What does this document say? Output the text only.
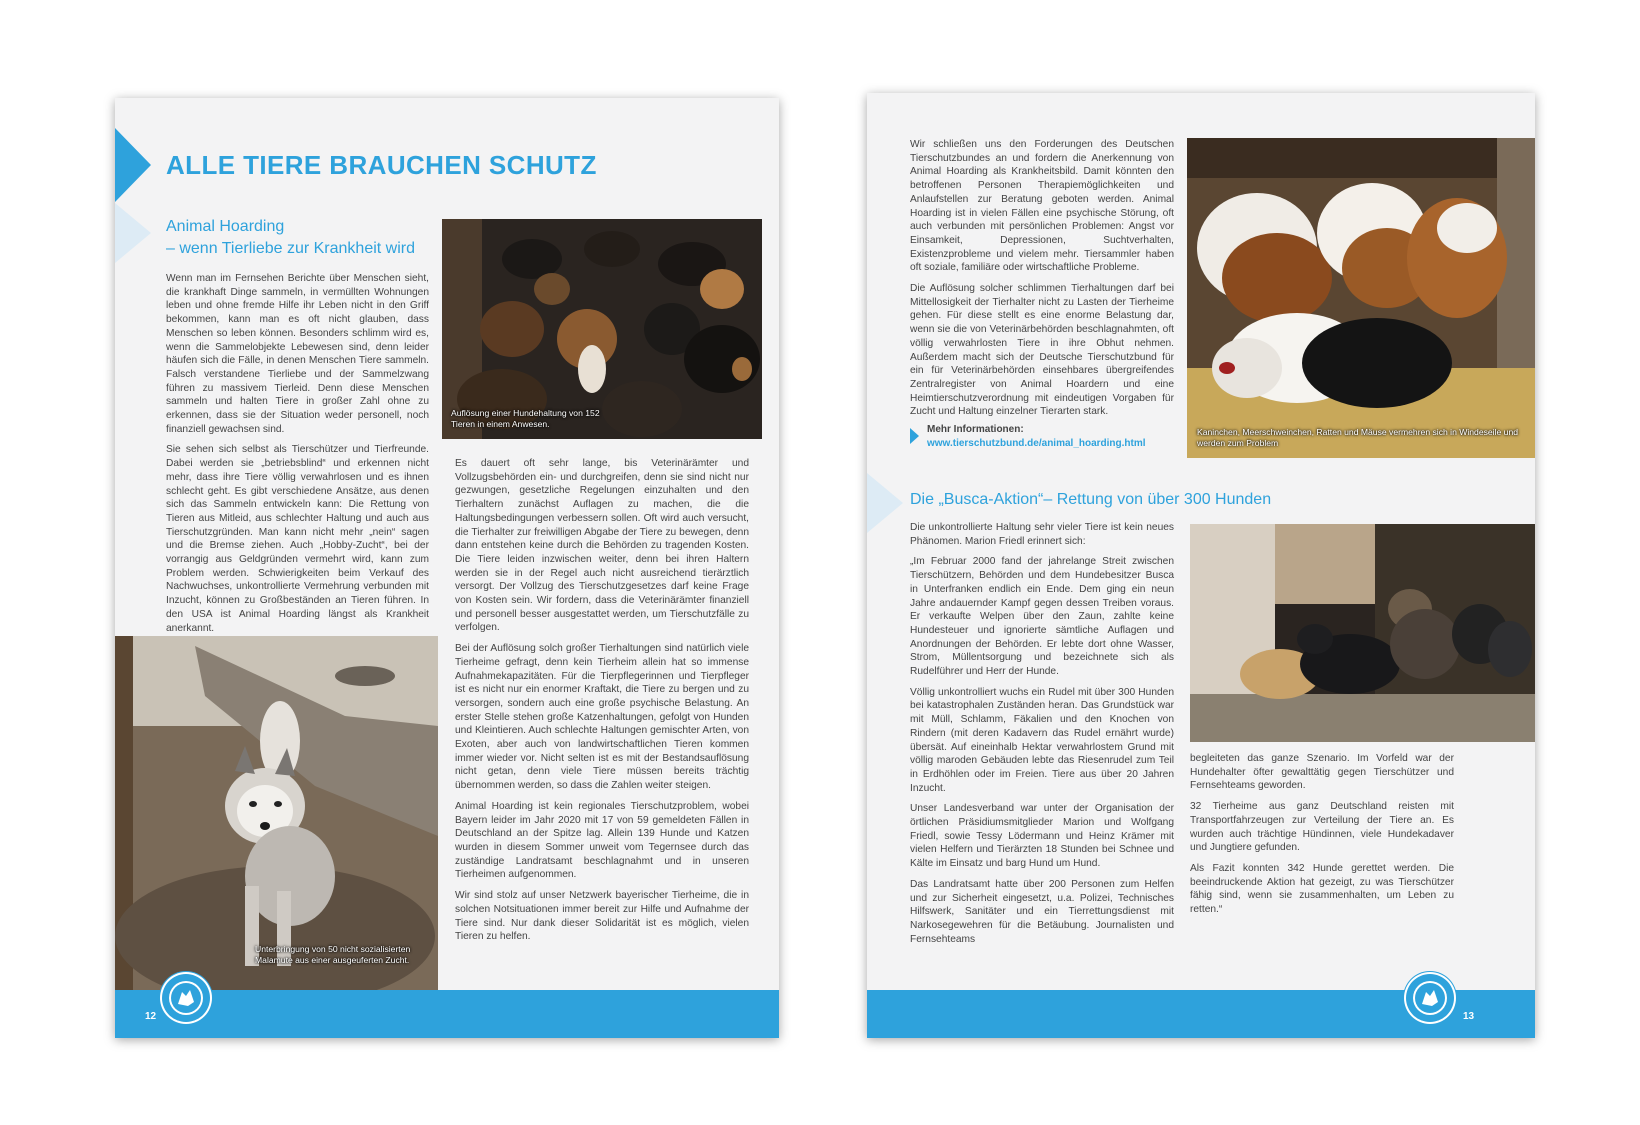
ALLE TIERE BRAUCHEN SCHUTZ
Animal Hoarding
– wenn Tierliebe zur Krankheit wird

Wenn man im Fernsehen Berichte über Menschen sieht, die krankhaft Dinge sammeln, in vermüllten Wohnungen leben und ohne fremde Hilfe ihr Leben nicht in den Griff bekommen, kann man es oft nicht glauben, dass Menschen so leben können. Besonders schlimm wird es, wenn die Sammelobjekte Lebewesen sind, denn leider häufen sich die Fälle, in denen Menschen Tiere sammeln. Falsch verstandene Tierliebe und der Sammelzwang führen zu massivem Tierleid. Denn diese Menschen sammeln und halten Tiere in großer Zahl ohne zu erkennen, dass sie der Situation weder personell, noch finanziell gewachsen sind.

Sie sehen sich selbst als Tierschützer und Tierfreunde. Dabei werden sie „betriebsblind“ und erkennen nicht mehr, dass ihre Tiere völlig verwahrlosen und es ihnen schlecht geht. Es gibt verschiedene Ansätze, aus denen sich das Sammeln entwickeln kann: Die Rettung von Tieren aus Mitleid, aus schlechter Haltung und auch aus Tierschutzgründen. Man kann nicht mehr „nein“ sagen und die Bremse ziehen. Auch „Hobby-Zucht“, bei der vorrangig aus Geldgründen vermehrt wird, kann zum Problem werden. Schwierigkeiten beim Verkauf des Nachwuchses, unkontrollierte Vermehrung verbunden mit Inzucht, können zu Großbeständen an Tieren führen. In den USA ist Animal Hoarding längst als Krankheit anerkannt.

Auflösung einer Hundehaltung von 152 Tieren in einem Anwesen.

Es dauert oft sehr lange, bis Veterinärämter und Vollzugsbehörden ein- und durchgreifen, denn sie sind nicht nur gezwungen, gesetzliche Regelungen einzuhalten und den Tierhaltern zunächst Auflagen zu machen, die die Haltungsbedingungen verbessern sollen. Oft wird auch versucht, die Tierhalter zur freiwilligen Abgabe der Tiere zu bewegen, denn dann entstehen keine durch die Behörden zu tragenden Kosten. Die Tiere leiden inzwischen weiter, denn bei ihren Haltern werden sie in der Regel auch nicht ausreichend tierärztlich versorgt. Der Vollzug des Tierschutzgesetzes darf keine Frage von Kosten sein. Wir fordern, dass die Veterinärämter finanziell und personell besser ausgestattet werden, um Tierschutzfälle zu verfolgen.

Bei der Auflösung solch großer Tierhaltungen sind natürlich viele Tierheime gefragt, denn kein Tierheim allein hat so immense Aufnahmekapazitäten. Für die Tierpflegerinnen und Tierpfleger ist es nicht nur ein enormer Kraftakt, die Tiere zu bergen und zu versorgen, sondern auch eine große psychische Belastung. An erster Stelle stehen große Katzenhaltungen, gefolgt von Hunden und Kleintieren. Auch schlechte Haltungen gemischter Arten, von Exoten, aber auch von landwirtschaftlichen Tieren kommen immer wieder vor. Nicht selten ist es mit der Bestandsauflösung nicht getan, denn viele Tiere müssen bereits trächtig übernommen werden, so dass die Zahlen weiter steigen.

Animal Hoarding ist kein regionales Tierschutzproblem, wobei Bayern leider im Jahr 2020 mit 17 von 59 gemeldeten Fällen in Deutschland an der Spitze lag. Allein 139 Hunde und Katzen wurden in diesem Sommer unweit vom Tegernsee durch das zuständige Landratsamt beschlagnahmt und in unseren Tierheimen aufgenommen.

Wir sind stolz auf unser Netzwerk bayerischer Tierheime, die in solchen Notsituationen immer bereit zur Hilfe und Aufnahme der Tiere sind. Nur dank dieser Solidarität ist es möglich, vielen Tieren zu helfen.

Unterbringung von 50 nicht sozialisierten Malamute aus einer ausgeuferten Zucht.
12

Wir schließen uns den Forderungen des Deutschen Tierschutzbundes an und fordern die Anerkennung von Animal Hoarding als Krankheitsbild. Damit könnten den betroffenen Personen Therapiemöglichkeiten und Anlaufstellen zur Beratung geboten werden. Animal Hoarding ist in vielen Fällen eine psychische Störung, oft auch verbunden mit persönlichen Problemen: Angst vor Einsamkeit, Depressionen, Suchtverhalten, Existenzprobleme und vielem mehr. Tiersammler haben oft soziale, familiäre oder wirtschaftliche Probleme.

Die Auflösung solcher schlimmen Tierhaltungen darf bei Mittellosigkeit der Tierhalter nicht zu Lasten der Tierheime gehen. Für diese stellt es eine enorme Belastung dar, wenn sie die von Veterinärbehörden beschlagnahmten, oft völlig verwahrlosten Tiere in ihre Obhut nehmen. Außerdem macht sich der Deutsche Tierschutzbund für ein für Veterinärbehörden einsehbares übergreifendes Zentralregister von Animal Hoardern und eine Heimtierschutzverordnung mit eindeutigen Vorgaben für Zucht und Haltung einzelner Tierarten stark.

Mehr Informationen:
www.tierschutzbund.de/animal_hoarding.html
Kaninchen, Meerschweinchen, Ratten und Mäuse vermehren sich in Windeseile und werden zum Problem
Die „Busca-Aktion“– Rettung von über 300 Hunden

Die unkontrollierte Haltung sehr vieler Tiere ist kein neues Phänomen. Marion Friedl erinnert sich:

„Im Februar 2000 fand der jahrelange Streit zwischen Tierschützern, Behörden und dem Hundebesitzer Busca in Unterfranken endlich ein Ende. Dem ging ein neun Jahre andauernder Kampf gegen dessen Treiben voraus. Er verkaufte Welpen über den Zaun, zahlte keine Hundesteuer und ignorierte sämtliche Auflagen und Anordnungen der Behörden. Er lebte dort ohne Wasser, Strom, Müllentsorgung und bezeichnete sich als Rudelführer und Herr der Hunde.

Völlig unkontrolliert wuchs ein Rudel mit über 300 Hunden bei katastrophalen Zuständen heran. Das Grundstück war mit Müll, Schlamm, Fäkalien und den Knochen von Rindern (mit deren Kadavern das Rudel ernährt wurde) übersät. Auf eineinhalb Hektar verwahrlostem Grund mit völlig maroden Gebäuden lebte das Riesenrudel zum Teil in Erdhöhlen oder im Freien. Tiere aus über 20 Jahren Inzucht.

Unser Landesverband war unter der Organisation der örtlichen Präsidiumsmitglieder Marion und Wolfgang Friedl, sowie Tessy Lödermann und Heinz Krämer mit vielen Helfern und Tierärzten 18 Stunden bei Schnee und Kälte im Einsatz und barg Hund um Hund.

Das Landratsamt hatte über 200 Personen zum Helfen und zur Sicherheit eingesetzt, u.a. Polizei, Technisches Hilfswerk, Sanitäter und ein Tierrettungsdienst mit Narkosegewehren für die Betäubung. Journalisten und Fernsehteams

begleiteten das ganze Szenario. Im Vorfeld war der Hundehalter öfter gewalttätig gegen Tierschützer und Fernsehteams geworden.

32 Tierheime aus ganz Deutschland reisten mit Transportfahrzeugen zur Verteilung der Tiere an. Es wurden auch trächtige Hündinnen, viele Hundekadaver und Jungtiere gefunden.

Als Fazit konnten 342 Hunde gerettet werden. Die beeindruckende Aktion hat gezeigt, zu was Tierschützer fähig sind, wenn sie zusammenhalten, um Leben zu retten.“

13
